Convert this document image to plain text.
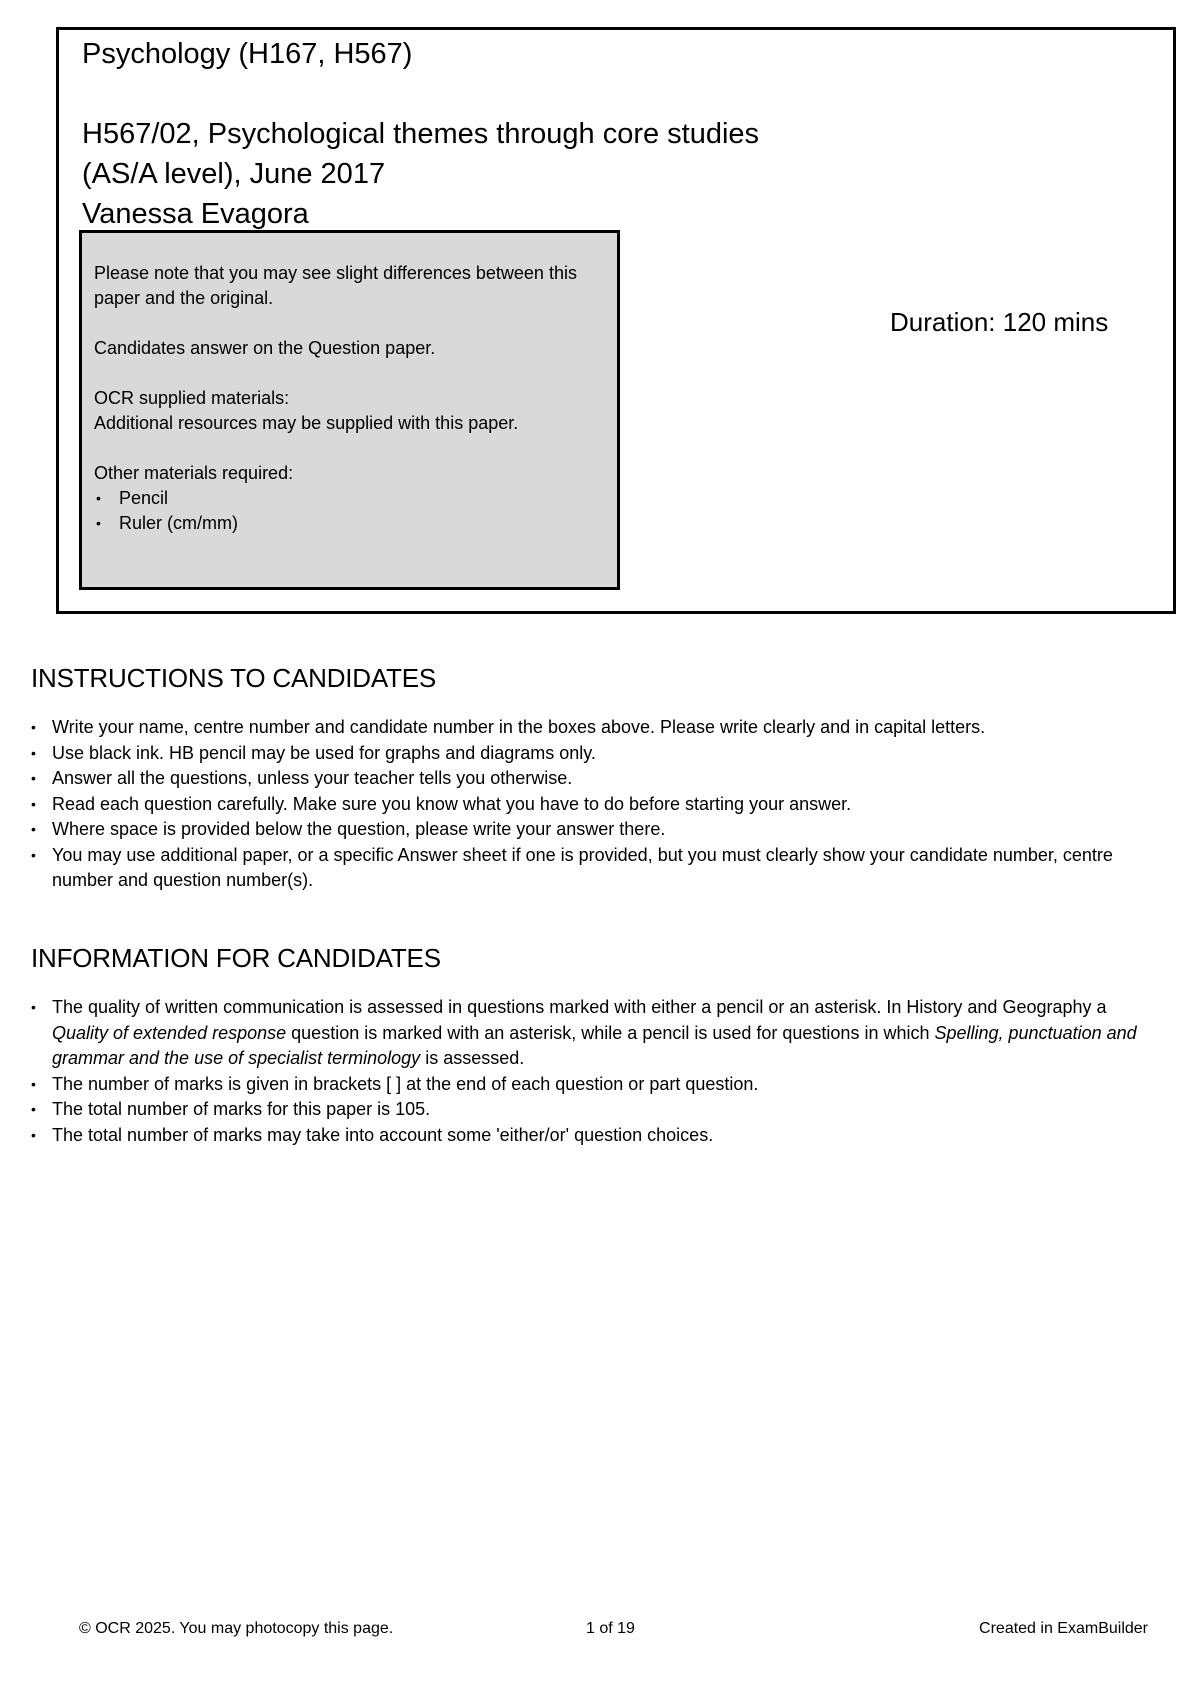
Psychology (H167, H567)
H567/02, Psychological themes through core studies (AS/A level), June 2017
Vanessa Evagora

Please note that you may see slight differences between this paper and the original.

Candidates answer on the Question paper.

OCR supplied materials:

Additional resources may be supplied with this paper.

Other materials required:

• Pencil
• Ruler (cm/mm)
Duration: 120 mins
INSTRUCTIONS TO CANDIDATES
• Write your name, centre number and candidate number in the boxes above. Please write clearly and in capital letters.
• Use black ink. HB pencil may be used for graphs and diagrams only.
• Answer all the questions, unless your teacher tells you otherwise.
• Read each question carefully. Make sure you know what you have to do before starting your answer.
• Where space is provided below the question, please write your answer there.
• You may use additional paper, or a specific Answer sheet if one is provided, but you must clearly show your candidate number, centre number and question number(s).
INFORMATION FOR CANDIDATES
• The quality of written communication is assessed in questions marked with either a pencil or an asterisk. In History and Geography a Quality of extended response question is marked with an asterisk, while a pencil is used for questions in which Spelling, punctuation and grammar and the use of specialist terminology is assessed.
• The number of marks is given in brackets [ ] at the end of each question or part question.
• The total number of marks for this paper is 105.
• The total number of marks may take into account some 'either/or' question choices.
© OCR 2025. You may photocopy this page.	1 of 19	Created in ExamBuilder
